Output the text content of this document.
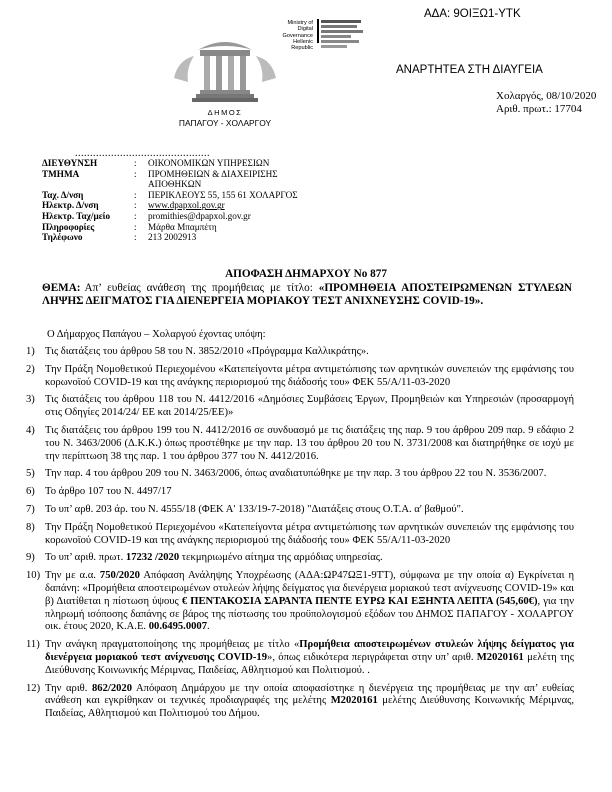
ΑΔΑ: 9ΟΙΞΩ1-ΥΤΚ
Ministry of Digital
Governance
Hellenic Republic
ΑΝΑΡΤΗΤΕΑ ΣΤΗ ΔΙΑΥΓΕΙΑ
ΔΗΜΟΣ
ΠΑΠΑΓΟΥ - ΧΟΛΑΡΓΟΥ
Χολαργός, 08/10/2020
Αριθ. πρωτ.: 17704
.............................................
ΔΙΕΥΘΥΝΣΗ	:	ΟΙΚΟΝΟΜΙΚΩΝ ΥΠΗΡΕΣΙΩΝ
ΤΜΗΜΑ	:	ΠΡΟΜΗΘΕΙΩΝ & ΔΙΑΧΕΙΡΙΣΗΣ ΑΠΟΘΗΚΩΝ
Ταχ. Δ/νση	:	ΠΕΡΙΚΛΕΟΥΣ 55, 155 61 ΧΟΛΑΡΓΟΣ
Ηλεκτρ. Δ/νση	:	www.dpapxol.gov.gr
Ηλεκτρ. Ταχ/μείο	:	promithies@dpapxol.gov.gr
Πληροφορίες	:	Μάρθα Μπαμπέτη
Τηλέφωνο	:	213 2002913
ΑΠΟΦΑΣΗ ΔΗΜΑΡΧΟΥ Nο 877
ΘΕΜΑ: Απ’ ευθείας ανάθεση της προμήθειας με τίτλο: «ΠΡΟΜΗΘΕΙΑ ΑΠΟΣΤΕΙΡΩΜΕΝΩΝ ΣΤΥΛΕΩΝ ΛΗΨΗΣ ΔΕΙΓΜΑΤΟΣ ΓΙΑ ΔΙΕΝΕΡΓΕΙΑ ΜΟΡΙΑΚΟΥ ΤΕΣΤ ΑΝΙΧΝΕΥΣΗΣ COVID-19».
Ο Δήμαρχος Παπάγου – Χολαργού έχοντας υπόψη:
1) Τις διατάξεις του άρθρου 58 του Ν. 3852/2010 «Πρόγραμμα Καλλικράτης».
2) Την Πράξη Νομοθετικού Περιεχομένου «Κατεπείγοντα μέτρα αντιμετώπισης των αρνητικών συνεπειών της εμφάνισης του κορωνοϊού COVID-19 και της ανάγκης περιορισμού της διάδοσής του» ΦΕΚ 55/Α/11-03-2020
3) Τις διατάξεις του άρθρου 118 του Ν. 4412/2016 «Δημόσιες Συμβάσεις Έργων, Προμηθειών και Υπηρεσιών (προσαρμογή στις Οδηγίες 2014/24/ ΕΕ και 2014/25/ΕΕ)»
4) Τις διατάξεις του άρθρου 199 του Ν. 4412/2016 σε συνδυασμό με τις διατάξεις της παρ. 9 του άρθρου 209 παρ. 9 εδάφιο 2 του Ν. 3463/2006 (Δ.Κ.Κ.) όπως προστέθηκε με την παρ. 13 του άρθρου 20 του Ν. 3731/2008 και διατηρήθηκε σε ισχύ με την περίπτωση 38 της παρ. 1 του άρθρου 377 του Ν. 4412/2016.
5) Την παρ. 4 του άρθρου 209 του Ν. 3463/2006, όπως αναδιατυπώθηκε με την παρ. 3 του άρθρου 22 του Ν. 3536/2007.
6) Το άρθρο 107 του Ν. 4497/17
7) Το υπ’ αρθ. 203 άρ. του Ν. 4555/18 (ΦΕΚ Α' 133/19-7-2018) "Διατάξεις στους Ο.Τ.Α. α' βαθμού".
8) Την Πράξη Νομοθετικού Περιεχομένου «Κατεπείγοντα μέτρα αντιμετώπισης των αρνητικών συνεπειών της εμφάνισης του κορωνοϊού COVID-19 και της ανάγκης περιορισμού της διάδοσής του» ΦΕΚ 55/Α/11-03-2020
9) Το υπ’ αριθ. πρωτ. 17232 /2020 τεκμηριωμένο αίτημα της αρμόδιας υπηρεσίας.
10) Την με α.α. 750/2020 Απόφαση Ανάληψης Υποχρέωσης (ΑΔΑ:ΩΡ47ΩΞ1-9ΤΤ), σύμφωνα με την οποία α) Εγκρίνεται η δαπάνη: «Προμήθεια αποστειρωμένων στυλεών λήψης δείγματος για διενέργεια μοριακού τεστ ανίχνευσης COVID-19» και β) Διατίθεται η πίστωση ύψους € ΠΕΝΤΑΚΟΣΙΑ ΣΑΡΑΝΤΑ ΠΕΝΤΕ ΕΥΡΩ ΚΑΙ ΕΞΗΝΤΑ ΛΕΠΤΑ (545,60€), για την πληρωμή ισόποσης δαπάνης σε βάρος της πίστωσης του προϋπολογισμού εξόδων του ΔΗΜΟΣ ΠΑΠΑΓΟΥ - ΧΟΛΑΡΓΟΥ οικ. έτους 2020, Κ.Α.Ε. 00.6495.0007.
11) Την ανάγκη πραγματοποίησης της προμήθειας με τίτλο «Προμήθεια αποστειρωμένων στυλεών λήψης δείγματος για διενέργεια μοριακού τεστ ανίχνευσης COVID-19», όπως ειδικότερα περιγράφεται στην υπ’ αριθ. M2020161 μελέτη της Διεύθυνσης Κοινωνικής Μέριμνας, Παιδείας, Αθλητισμού και Πολιτισμού. .
12) Την αριθ. 862/2020 Απόφαση Δημάρχου με την οποία αποφασίστηκε η διενέργεια της προμήθειας με την απ’ ευθείας ανάθεση και εγκρίθηκαν οι τεχνικές προδιαγραφές της μελέτης M2020161 μελέτης Διεύθυνσης Κοινωνικής Μέριμνας, Παιδείας, Αθλητισμού και Πολιτισμού του Δήμου.
